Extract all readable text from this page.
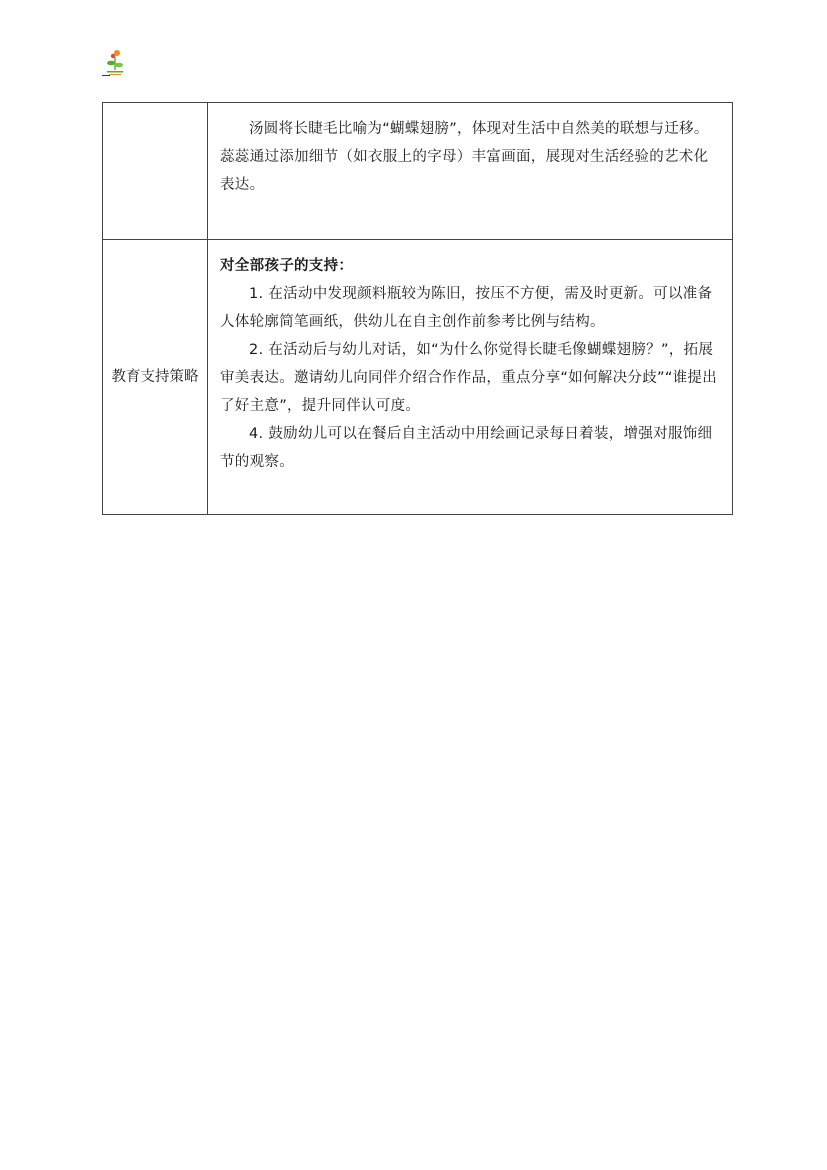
	汤圆将长睫毛比喻为“蝴蝶翅膀”，体现对生活中自然美的联想与迁移。蕊蕊通过添加细节（如衣服上的字母）丰富画面，展现对生活经验的艺术化表达。

教育支持策略	对全部孩子的支持：

1. 在活动中发现颜料瓶较为陈旧，按压不方便，需及时更新。可以准备人体轮廓简笔画纸，供幼儿在自主创作前参考比例与结构。

2. 在活动后与幼儿对话，如“为什么你觉得长睫毛像蝴蝶翅膀？”，拓展审美表达。邀请幼儿向同伴介绍合作作品，重点分享“如何解决分歧”“谁提出了好主意”，提升同伴认可度。

4. 鼓励幼儿可以在餐后自主活动中用绘画记录每日着装，增强对服饰细节的观察。
